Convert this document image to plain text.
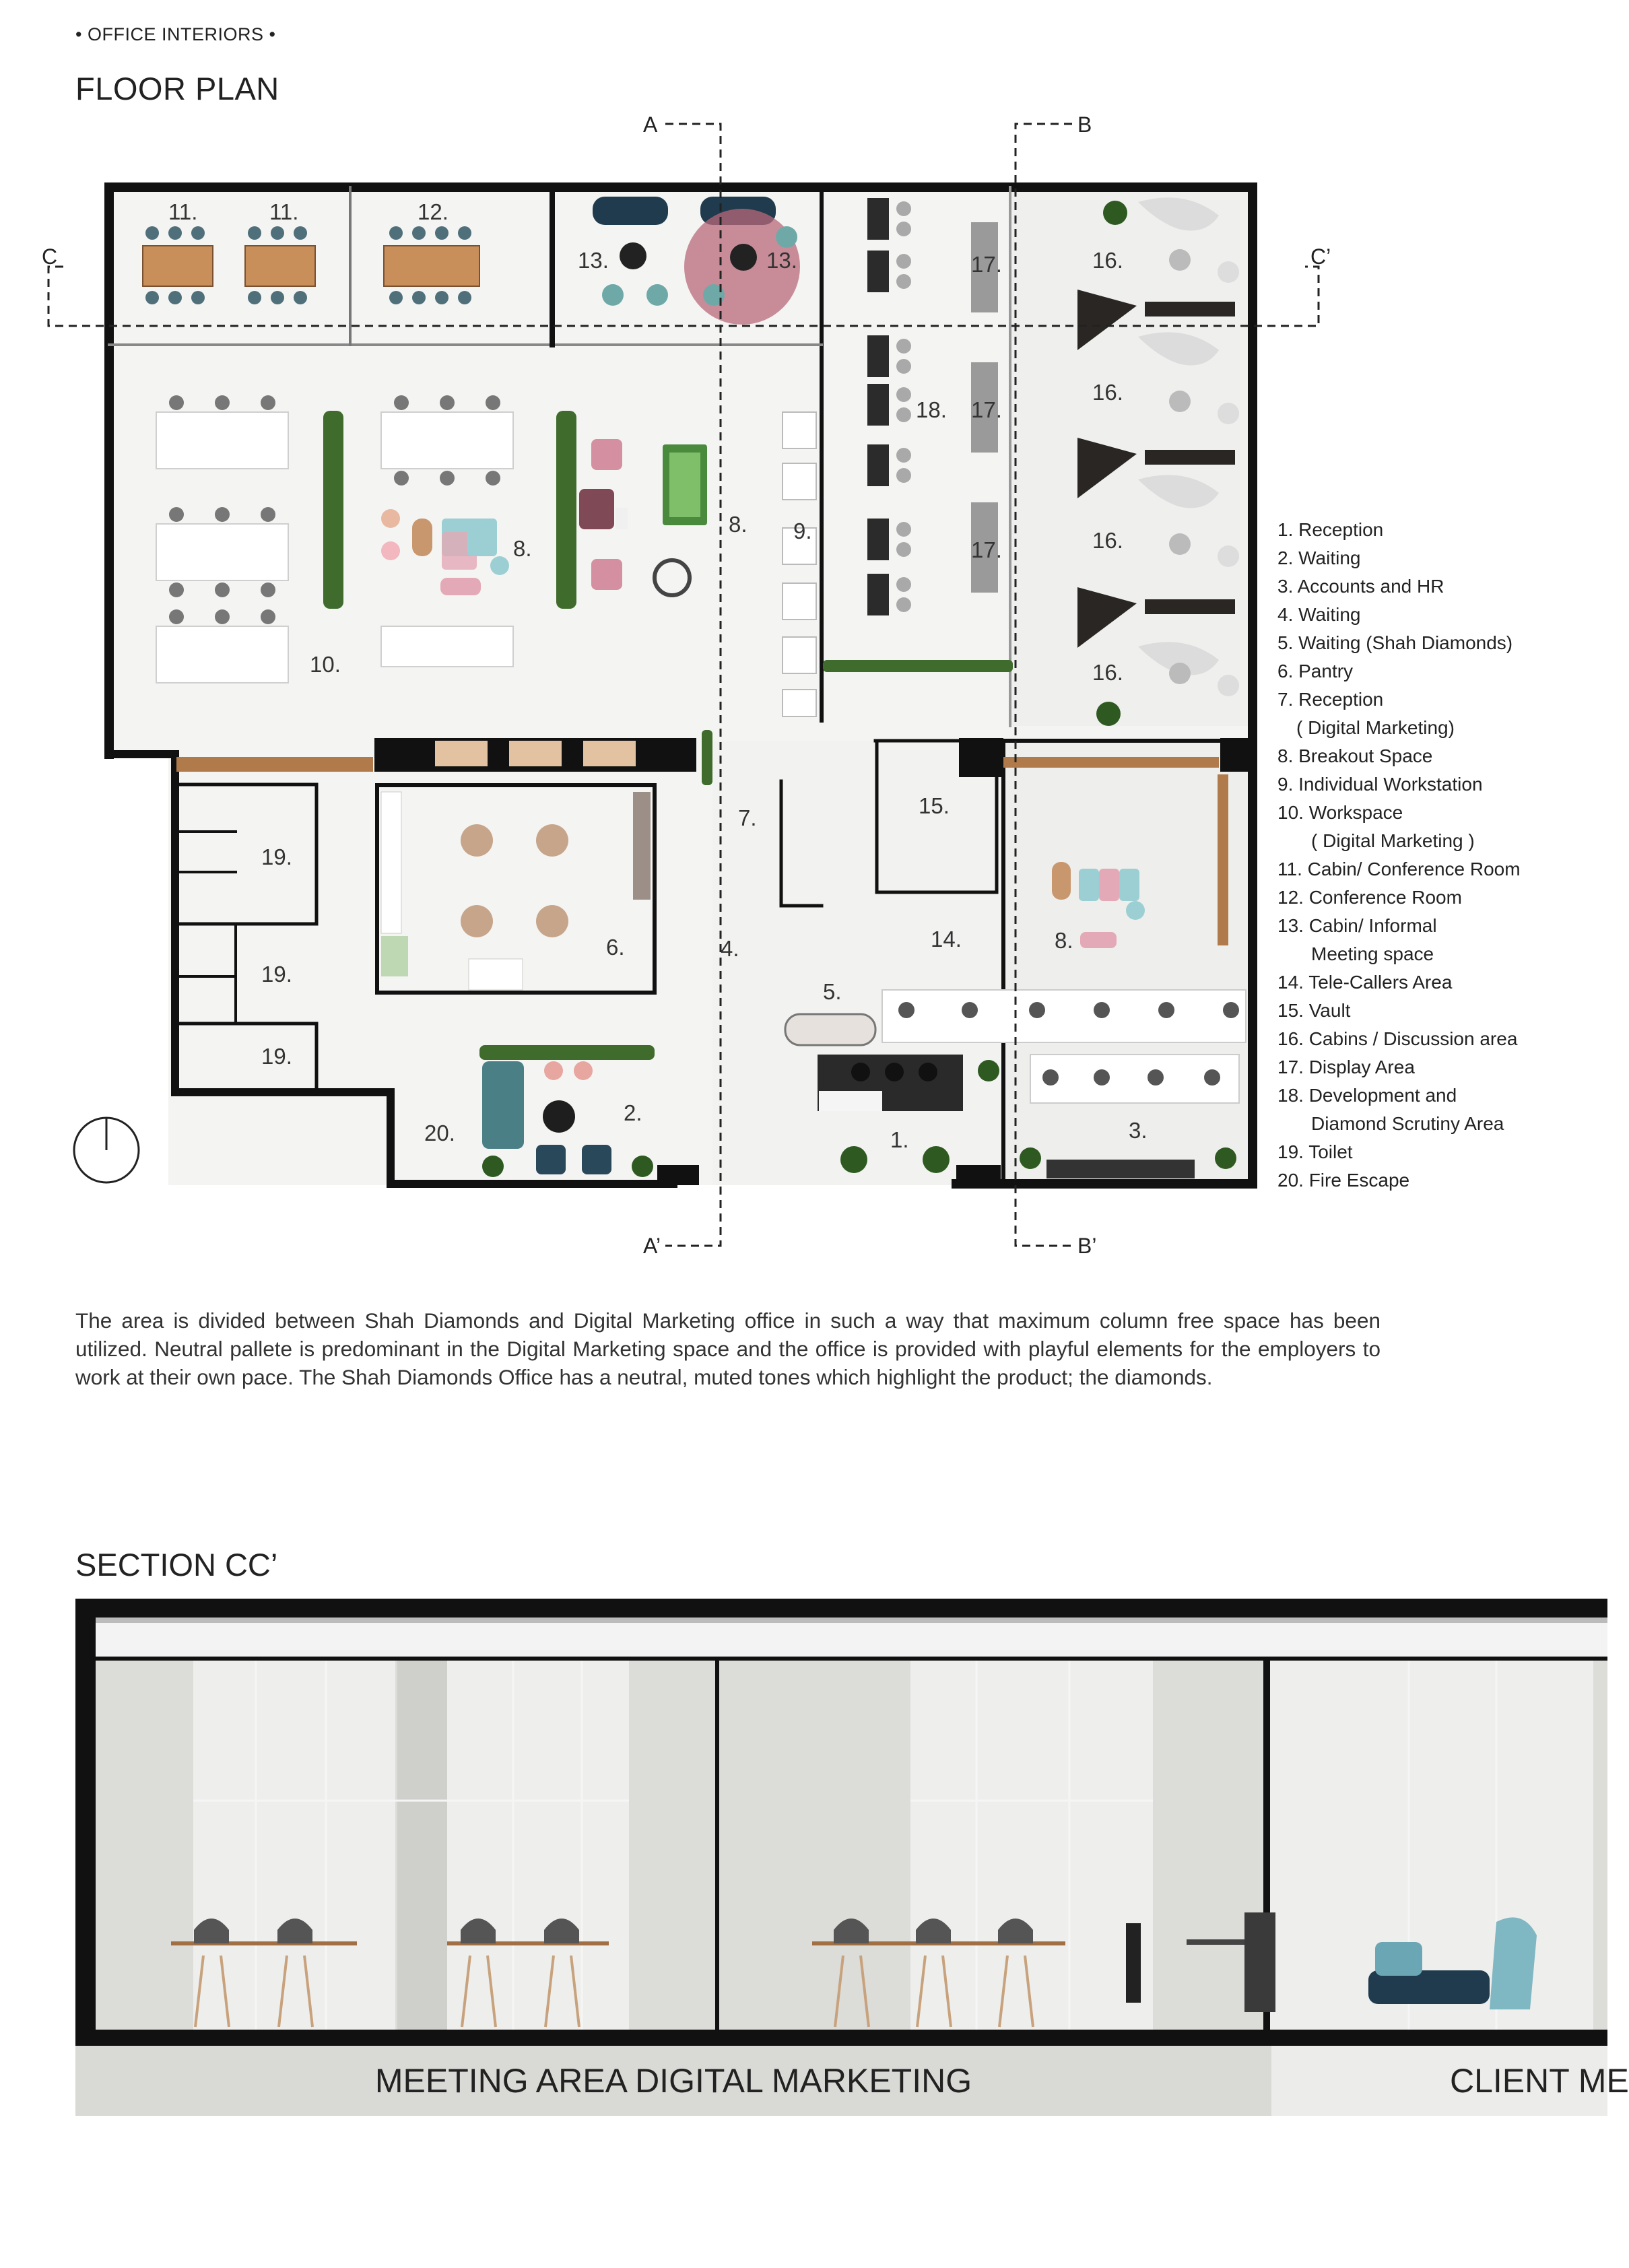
• OFFICE INTERIORS •
FLOOR PLAN
A
A’
B
B’
C	C’
11.	11.	12.
13.	13.	17.
17.
17.
16.
16.
16.
16.
18.
8.
8.
8.
9.
10.
7.	15.
19.
19.
19.
6.	4.	14.
5.
2.
20.	1.	3.
1. Reception
2. Waiting
3. Accounts and HR
4. Waiting
5. Waiting (Shah Diamonds)
6. Pantry
7. Reception
( Digital Marketing)
8. Breakout Space
9. Individual Workstation
10. Workspace
( Digital Marketing )
11. Cabin/ Conference Room
12. Conference Room
13. Cabin/ Informal
Meeting space
14. Tele-Callers Area
15. Vault
16. Cabins / Discussion area
17. Display Area
18. Development and
Diamond Scrutiny Area
19. Toilet
20. Fire Escape
The area is divided between Shah Diamonds and Digital Marketing office in such a way that maximum column free space has been utilized. Neutral pallete is predominant in the Digital Marketing space and the office is provided with playful elements for the employers to work at their own pace. The Shah Diamonds Office has a neutral, muted tones which highlight the product; the diamonds.
SECTION CC’
MEETING AREA DIGITAL MARKETING	CLIENT ME
